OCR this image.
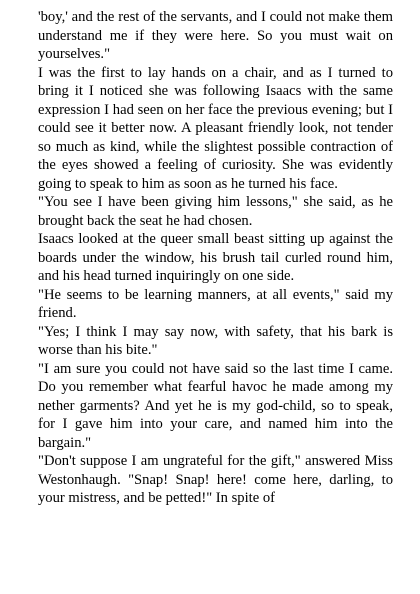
'boy,' and the rest of the servants, and I could not make them understand me if they were here. So you must wait on yourselves."

I was the first to lay hands on a chair, and as I turned to bring it I noticed she was following Isaacs with the same expression I had seen on her face the previous evening; but I could see it better now. A pleasant friendly look, not tender so much as kind, while the slightest possible contraction of the eyes showed a feeling of curiosity. She was evidently going to speak to him as soon as he turned his face.

"You see I have been giving him lessons," she said, as he brought back the seat he had chosen.

Isaacs looked at the queer small beast sitting up against the boards under the window, his brush tail curled round him, and his head turned inquiringly on one side.

"He seems to be learning manners, at all events," said my friend.

"Yes; I think I may say now, with safety, that his bark is worse than his bite."

"I am sure you could not have said so the last time I came. Do you remember what fearful havoc he made among my nether garments? And yet he is my god-child, so to speak, for I gave him into your care, and named him into the bargain."

"Don't suppose I am ungrateful for the gift," answered Miss Westonhaugh. "Snap! Snap! here! come here, darling, to your mistress, and be petted!" In spite of
